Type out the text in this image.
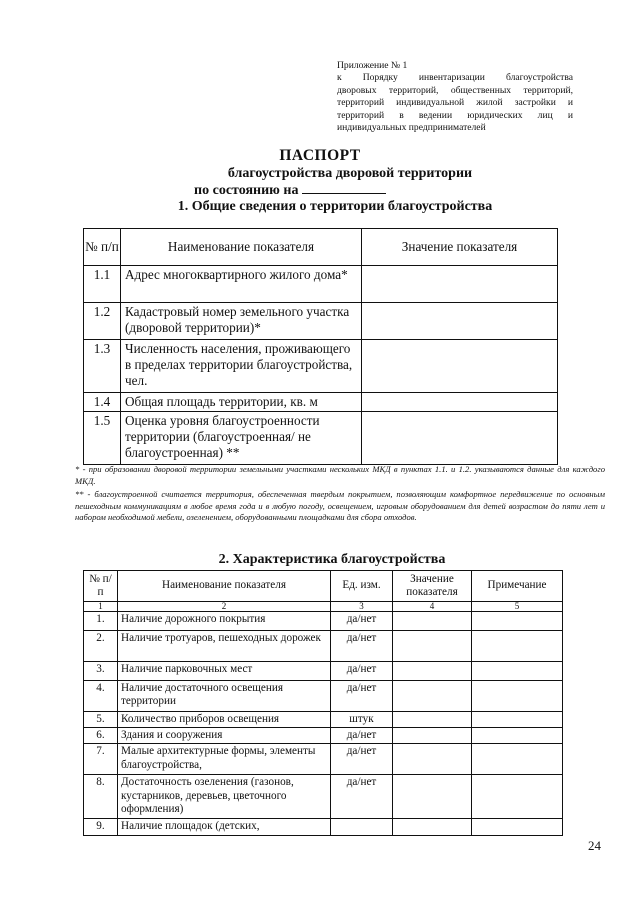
Приложение № 1
к Порядку инвентаризации благоустройства
дворовых территорий, общественных территорий,
территорий индивидуальной жилой застройки и
территорий в ведении юридических лиц и
индивидуальных предпринимателей
ПАСПОРТ
благоустройства дворовой территории
по состоянию на
1. Общие сведения о территории благоустройства
№ п/п	Наименование показателя	Значение показателя
1.1	Адрес многоквартирного жилого дома*	
1.2	Кадастровый номер земельного участка (дворовой территории)*	
1.3	Численность населения, проживающего в пределах территории благоустройства, чел.	
1.4	Общая площадь территории, кв. м	
1.5	Оценка уровня благоустроенности территории (благоустроенная/ не благоустроенная) **	
* - при образовании дворовой территории земельными участками нескольких МКД в пунктах 1.1. и 1.2. указываются данные для каждого МКД.
** - благоустроенной считается территория, обеспеченная твердым покрытием, позволяющим комфортное передвижение по основным пешеходным коммуникациям в любое время года и в любую погоду, освещением, игровым оборудованием для детей возрастом до пяти лет и набором необходимой мебели, озеленением, оборудованными площадками для сбора отходов.
2. Характеристика благоустройства
№ п/п	Наименование показателя	Ед. изм.	Значение показателя	Примечание
1	2	3	4	5
1.	Наличие дорожного покрытия	да/нет		
2.	Наличие тротуаров, пешеходных дорожек	да/нет		
3.	Наличие парковочных мест	да/нет		
4.	Наличие достаточного освещения территории	да/нет		
5.	Количество приборов освещения	штук		
6.	Здания и сооружения	да/нет		
7.	Малые архитектурные формы, элементы благоустройства,	да/нет		
8.	Достаточность озеленения (газонов, кустарников, деревьев, цветочного оформления)	да/нет		
9.	Наличие площадок (детских,			
24
